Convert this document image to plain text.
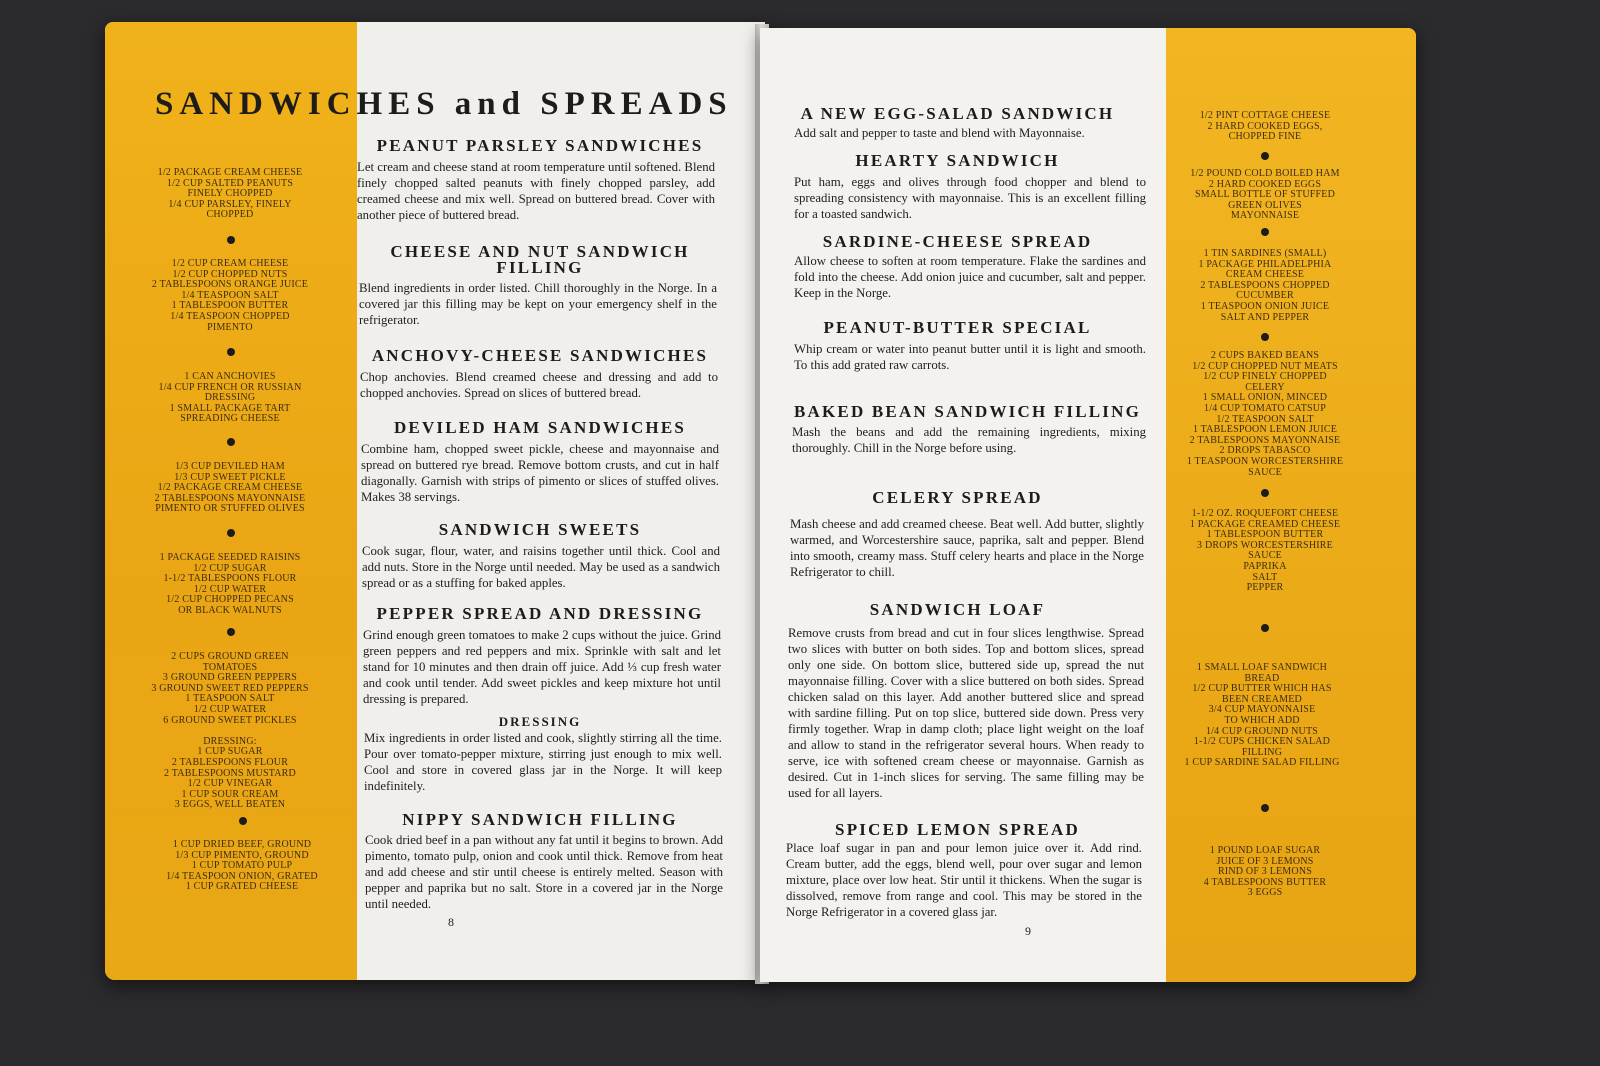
SANDWICHES and SPREADS
1/2 PACKAGE CREAM CHEESE
1/2 CUP SALTED PEANUTS
FINELY CHOPPED
1/4 CUP PARSLEY, FINELY
CHOPPED
1/2 CUP CREAM CHEESE
1/2 CUP CHOPPED NUTS
2 TABLESPOONS ORANGE JUICE
1/4 TEASPOON SALT
1 TABLESPOON BUTTER
1/4 TEASPOON CHOPPED
PIMENTO
1 CAN ANCHOVIES
1/4 CUP FRENCH OR RUSSIAN
DRESSING
1 SMALL PACKAGE TART
SPREADING CHEESE
1/3 CUP DEVILED HAM
1/3 CUP SWEET PICKLE
1/2 PACKAGE CREAM CHEESE
2 TABLESPOONS MAYONNAISE
PIMENTO OR STUFFED OLIVES
1 PACKAGE SEEDED RAISINS
1/2 CUP SUGAR
1-1/2 TABLESPOONS FLOUR
1/2 CUP WATER
1/2 CUP CHOPPED PECANS
OR BLACK WALNUTS
2 CUPS GROUND GREEN
TOMATOES
3 GROUND GREEN PEPPERS
3 GROUND SWEET RED PEPPERS
1 TEASPOON SALT
1/2 CUP WATER
6 GROUND SWEET PICKLES

DRESSING:
1 CUP SUGAR
2 TABLESPOONS FLOUR
2 TABLESPOONS MUSTARD
1/2 CUP VINEGAR
1 CUP SOUR CREAM
3 EGGS, WELL BEATEN
1 CUP DRIED BEEF, GROUND
1/3 CUP PIMENTO, GROUND
1 CUP TOMATO PULP
1/4 TEASPOON ONION, GRATED
1 CUP GRATED CHEESE
PEANUT PARSLEY SANDWICHES

Let cream and cheese stand at room temperature until softened. Blend finely chopped salted peanuts with finely chopped parsley, add creamed cheese and mix well. Spread on buttered bread. Cover with another piece of buttered bread.

CHEESE AND NUT SANDWICH FILLING

Blend ingredients in order listed. Chill thoroughly in the Norge. In a covered jar this filling may be kept on your emergency shelf in the refrigerator.

ANCHOVY-CHEESE SANDWICHES

Chop anchovies. Blend creamed cheese and dressing and add to chopped anchovies. Spread on slices of buttered bread.

DEVILED HAM SANDWICHES

Combine ham, chopped sweet pickle, cheese and mayonnaise and spread on buttered rye bread. Remove bottom crusts, and cut in half diagonally. Garnish with strips of pimento or slices of stuffed olives. Makes 38 servings.

SANDWICH SWEETS

Cook sugar, flour, water, and raisins together until thick. Cool and add nuts. Store in the Norge until needed. May be used as a sandwich spread or as a stuffing for baked apples.

PEPPER SPREAD AND DRESSING

Grind enough green tomatoes to make 2 cups without the juice. Grind green peppers and red peppers and mix. Sprinkle with salt and let stand for 10 minutes and then drain off juice. Add ⅓ cup fresh water and cook until tender. Add sweet pickles and keep mixture hot until dressing is prepared.

DRESSING

Mix ingredients in order listed and cook, slightly stirring all the time. Pour over tomato-pepper mixture, stirring just enough to mix well. Cool and store in covered glass jar in the Norge. It will keep indefinitely.

NIPPY SANDWICH FILLING

Cook dried beef in a pan without any fat until it begins to brown. Add pimento, tomato pulp, onion and cook until thick. Remove from heat and add cheese and stir until cheese is entirely melted. Season with pepper and paprika but no salt. Store in a covered jar in the Norge until needed.

8
A NEW EGG-SALAD SANDWICH

Add salt and pepper to taste and blend with Mayonnaise.

HEARTY SANDWICH

Put ham, eggs and olives through food chopper and blend to spreading consistency with mayonnaise. This is an excellent filling for a toasted sandwich.

SARDINE-CHEESE SPREAD

Allow cheese to soften at room temperature. Flake the sardines and fold into the cheese. Add onion juice and cucumber, salt and pepper. Keep in the Norge.

PEANUT-BUTTER SPECIAL

Whip cream or water into peanut butter until it is light and smooth. To this add grated raw carrots.

BAKED BEAN SANDWICH FILLING

Mash the beans and add the remaining ingredients, mixing thoroughly. Chill in the Norge before using.

CELERY SPREAD

Mash cheese and add creamed cheese. Beat well. Add butter, slightly warmed, and Worcestershire sauce, paprika, salt and pepper. Blend into smooth, creamy mass. Stuff celery hearts and place in the Norge Refrigerator to chill.

SANDWICH LOAF

Remove crusts from bread and cut in four slices lengthwise. Spread two slices with butter on both sides. Top and bottom slices, spread only one side. On bottom slice, buttered side up, spread the nut mayonnaise filling. Cover with a slice buttered on both sides. Spread chicken salad on this layer. Add another buttered slice and spread with sardine filling. Put on top slice, buttered side down. Press very firmly together. Wrap in damp cloth; place light weight on the loaf and allow to stand in the refrigerator several hours. When ready to serve, ice with softened cream cheese or mayonnaise. Garnish as desired. Cut in 1-inch slices for serving. The same filling may be used for all layers.

SPICED LEMON SPREAD

Place loaf sugar in pan and pour lemon juice over it. Add rind. Cream butter, add the eggs, blend well, pour over sugar and lemon mixture, place over low heat. Stir until it thickens. When the sugar is dissolved, remove from range and cool. This may be stored in the Norge Refrigerator in a covered glass jar.

9
1/2 PINT COTTAGE CHEESE
2 HARD COOKED EGGS,
CHOPPED FINE
1/2 POUND COLD BOILED HAM
2 HARD COOKED EGGS
SMALL BOTTLE OF STUFFED
GREEN OLIVES
MAYONNAISE
1 TIN SARDINES (SMALL)
1 PACKAGE PHILADELPHIA
CREAM CHEESE
2 TABLESPOONS CHOPPED
CUCUMBER
1 TEASPOON ONION JUICE
SALT AND PEPPER
2 CUPS BAKED BEANS
1/2 CUP CHOPPED NUT MEATS
1/2 CUP FINELY CHOPPED
CELERY
1 SMALL ONION, MINCED
1/4 CUP TOMATO CATSUP
1/2 TEASPOON SALT
1 TABLESPOON LEMON JUICE
2 TABLESPOONS MAYONNAISE
2 DROPS TABASCO
1 TEASPOON WORCESTERSHIRE
SAUCE
1-1/2 OZ. ROQUEFORT CHEESE
1 PACKAGE CREAMED CHEESE
1 TABLESPOON BUTTER
3 DROPS WORCESTERSHIRE
SAUCE
PAPRIKA
SALT
PEPPER
1 SMALL LOAF SANDWICH
BREAD
1/2 CUP BUTTER WHICH HAS
BEEN CREAMED
3/4 CUP MAYONNAISE
TO WHICH ADD
1/4 CUP GROUND NUTS
1-1/2 CUPS CHICKEN SALAD
FILLING
1 CUP SARDINE SALAD FILLING
1 POUND LOAF SUGAR
JUICE OF 3 LEMONS
RIND OF 3 LEMONS
4 TABLESPOONS BUTTER
3 EGGS
